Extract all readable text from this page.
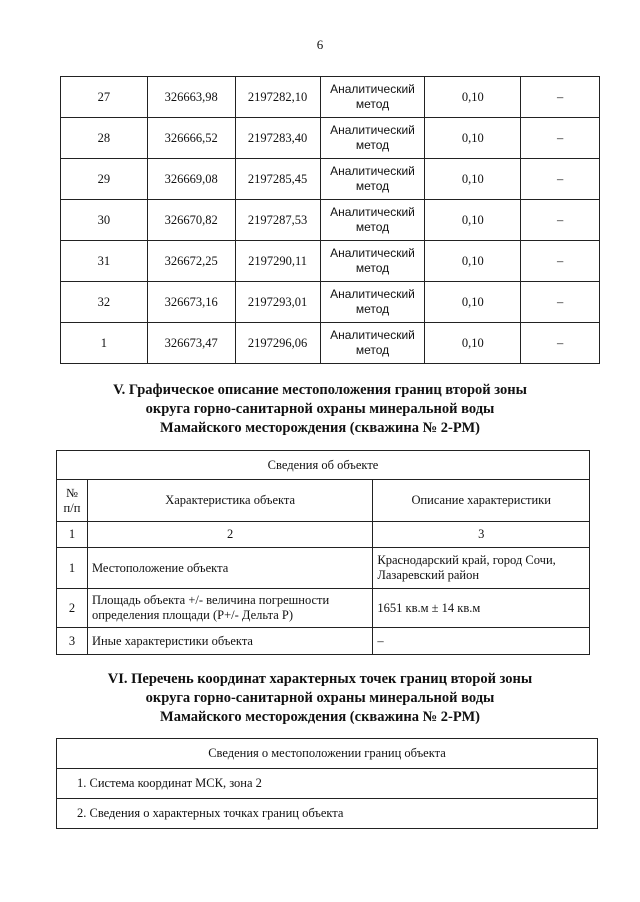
6
27	326663,98	2197282,10	Аналитический
метод	0,10	–
28	326666,52	2197283,40	Аналитический
метод	0,10	–
29	326669,08	2197285,45	Аналитический
метод	0,10	–
30	326670,82	2197287,53	Аналитический
метод	0,10	–
31	326672,25	2197290,11	Аналитический
метод	0,10	–
32	326673,16	2197293,01	Аналитический
метод	0,10	–
1	326673,47	2197296,06	Аналитический
метод	0,10	–
V. Графическое описание местоположения границ второй зоны
округа горно-санитарной охраны минеральной воды
Мамайского месторождения (скважина № 2-РМ)
Сведения об объекте		

№
п/п	Характеристика объекта	Описание характеристики
1	2	3
1	Местоположение объекта	Краснодарский край, город Сочи,
Лазаревский район

2	Площадь объекта +/- величина погрешности
определения площади (Р+/- Дельта Р)	1651 кв.м ± 14 кв.м

3	Иные характеристики объекта	–
VI. Перечень координат характерных точек границ второй зоны
округа горно-санитарной охраны минеральной воды
Мамайского месторождения (скважина № 2-РМ)
Сведения о местоположении границ объекта
1. Система координат МСК, зона 2
2. Сведения о характерных точках границ объекта
